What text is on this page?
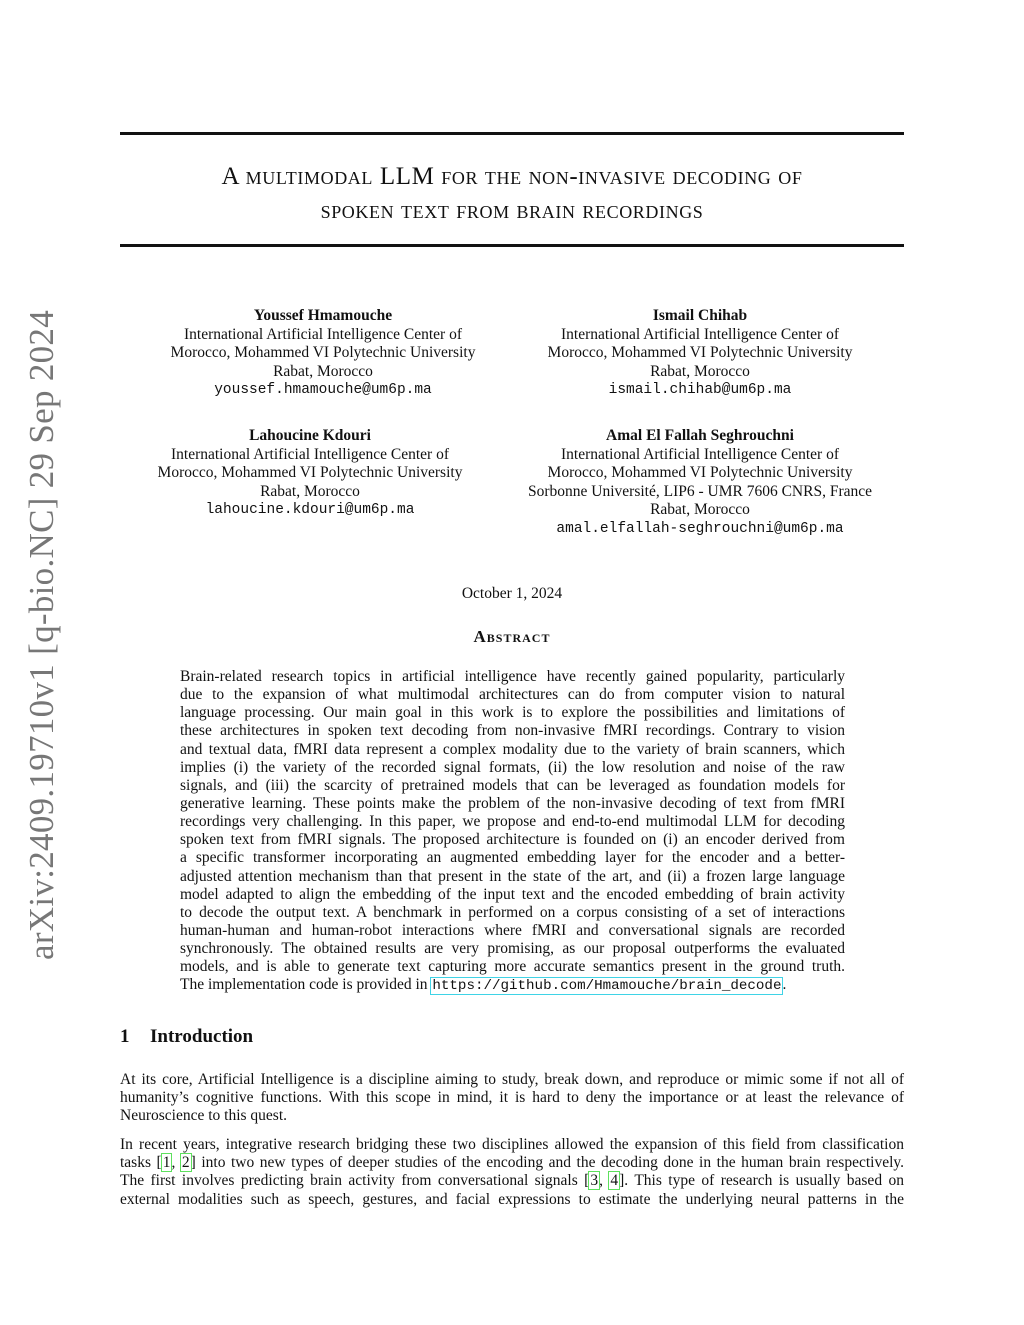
arXiv:2409.19710v1 [q-bio.NC] 29 Sep 2024
A multimodal LLM for the non-invasive decoding of
spoken text from brain recordings
Youssef Hmamouche
International Artificial Intelligence Center of
Morocco, Mohammed VI Polytechnic University
Rabat, Morocco
youssef.hmamouche@um6p.ma
Ismail Chihab
International Artificial Intelligence Center of
Morocco, Mohammed VI Polytechnic University
Rabat, Morocco
ismail.chihab@um6p.ma
Lahoucine Kdouri
International Artificial Intelligence Center of
Morocco, Mohammed VI Polytechnic University
Rabat, Morocco
lahoucine.kdouri@um6p.ma
Amal El Fallah Seghrouchni
International Artificial Intelligence Center of
Morocco, Mohammed VI Polytechnic University
Sorbonne Université, LIP6 - UMR 7606 CNRS, France
Rabat, Morocco
amal.elfallah-seghrouchni@um6p.ma
October 1, 2024
Abstract
Brain-related research topics in artificial intelligence have recently gained popularity, particularly
due to the expansion of what multimodal architectures can do from computer vision to natural
language processing. Our main goal in this work is to explore the possibilities and limitations of
these architectures in spoken text decoding from non-invasive fMRI recordings. Contrary to vision
and textual data, fMRI data represent a complex modality due to the variety of brain scanners, which
implies (i) the variety of the recorded signal formats, (ii) the low resolution and noise of the raw
signals, and (iii) the scarcity of pretrained models that can be leveraged as foundation models for
generative learning. These points make the problem of the non-invasive decoding of text from fMRI
recordings very challenging. In this paper, we propose and end-to-end multimodal LLM for decoding
spoken text from fMRI signals. The proposed architecture is founded on (i) an encoder derived from
a specific transformer incorporating an augmented embedding layer for the encoder and a better-
adjusted attention mechanism than that present in the state of the art, and (ii) a frozen large language
model adapted to align the embedding of the input text and the encoded embedding of brain activity
to decode the output text. A benchmark in performed on a corpus consisting of a set of interactions
human-human and human-robot interactions where fMRI and conversational signals are recorded
synchronously. The obtained results are very promising, as our proposal outperforms the evaluated
models, and is able to generate text capturing more accurate semantics present in the ground truth.
The implementation code is provided in https://github.com/Hmamouche/brain_decode.
1 Introduction
At its core, Artificial Intelligence is a discipline aiming to study, break down, and reproduce or mimic some if not all of
humanity’s cognitive functions. With this scope in mind, it is hard to deny the importance or at least the relevance of
Neuroscience to this quest.
In recent years, integrative research bridging these two disciplines allowed the expansion of this field from classification
tasks [1, 2] into two new types of deeper studies of the encoding and the decoding done in the human brain respectively.
The first involves predicting brain activity from conversational signals [3, 4]. This type of research is usually based on
external modalities such as speech, gestures, and facial expressions to estimate the underlying neural patterns in the
